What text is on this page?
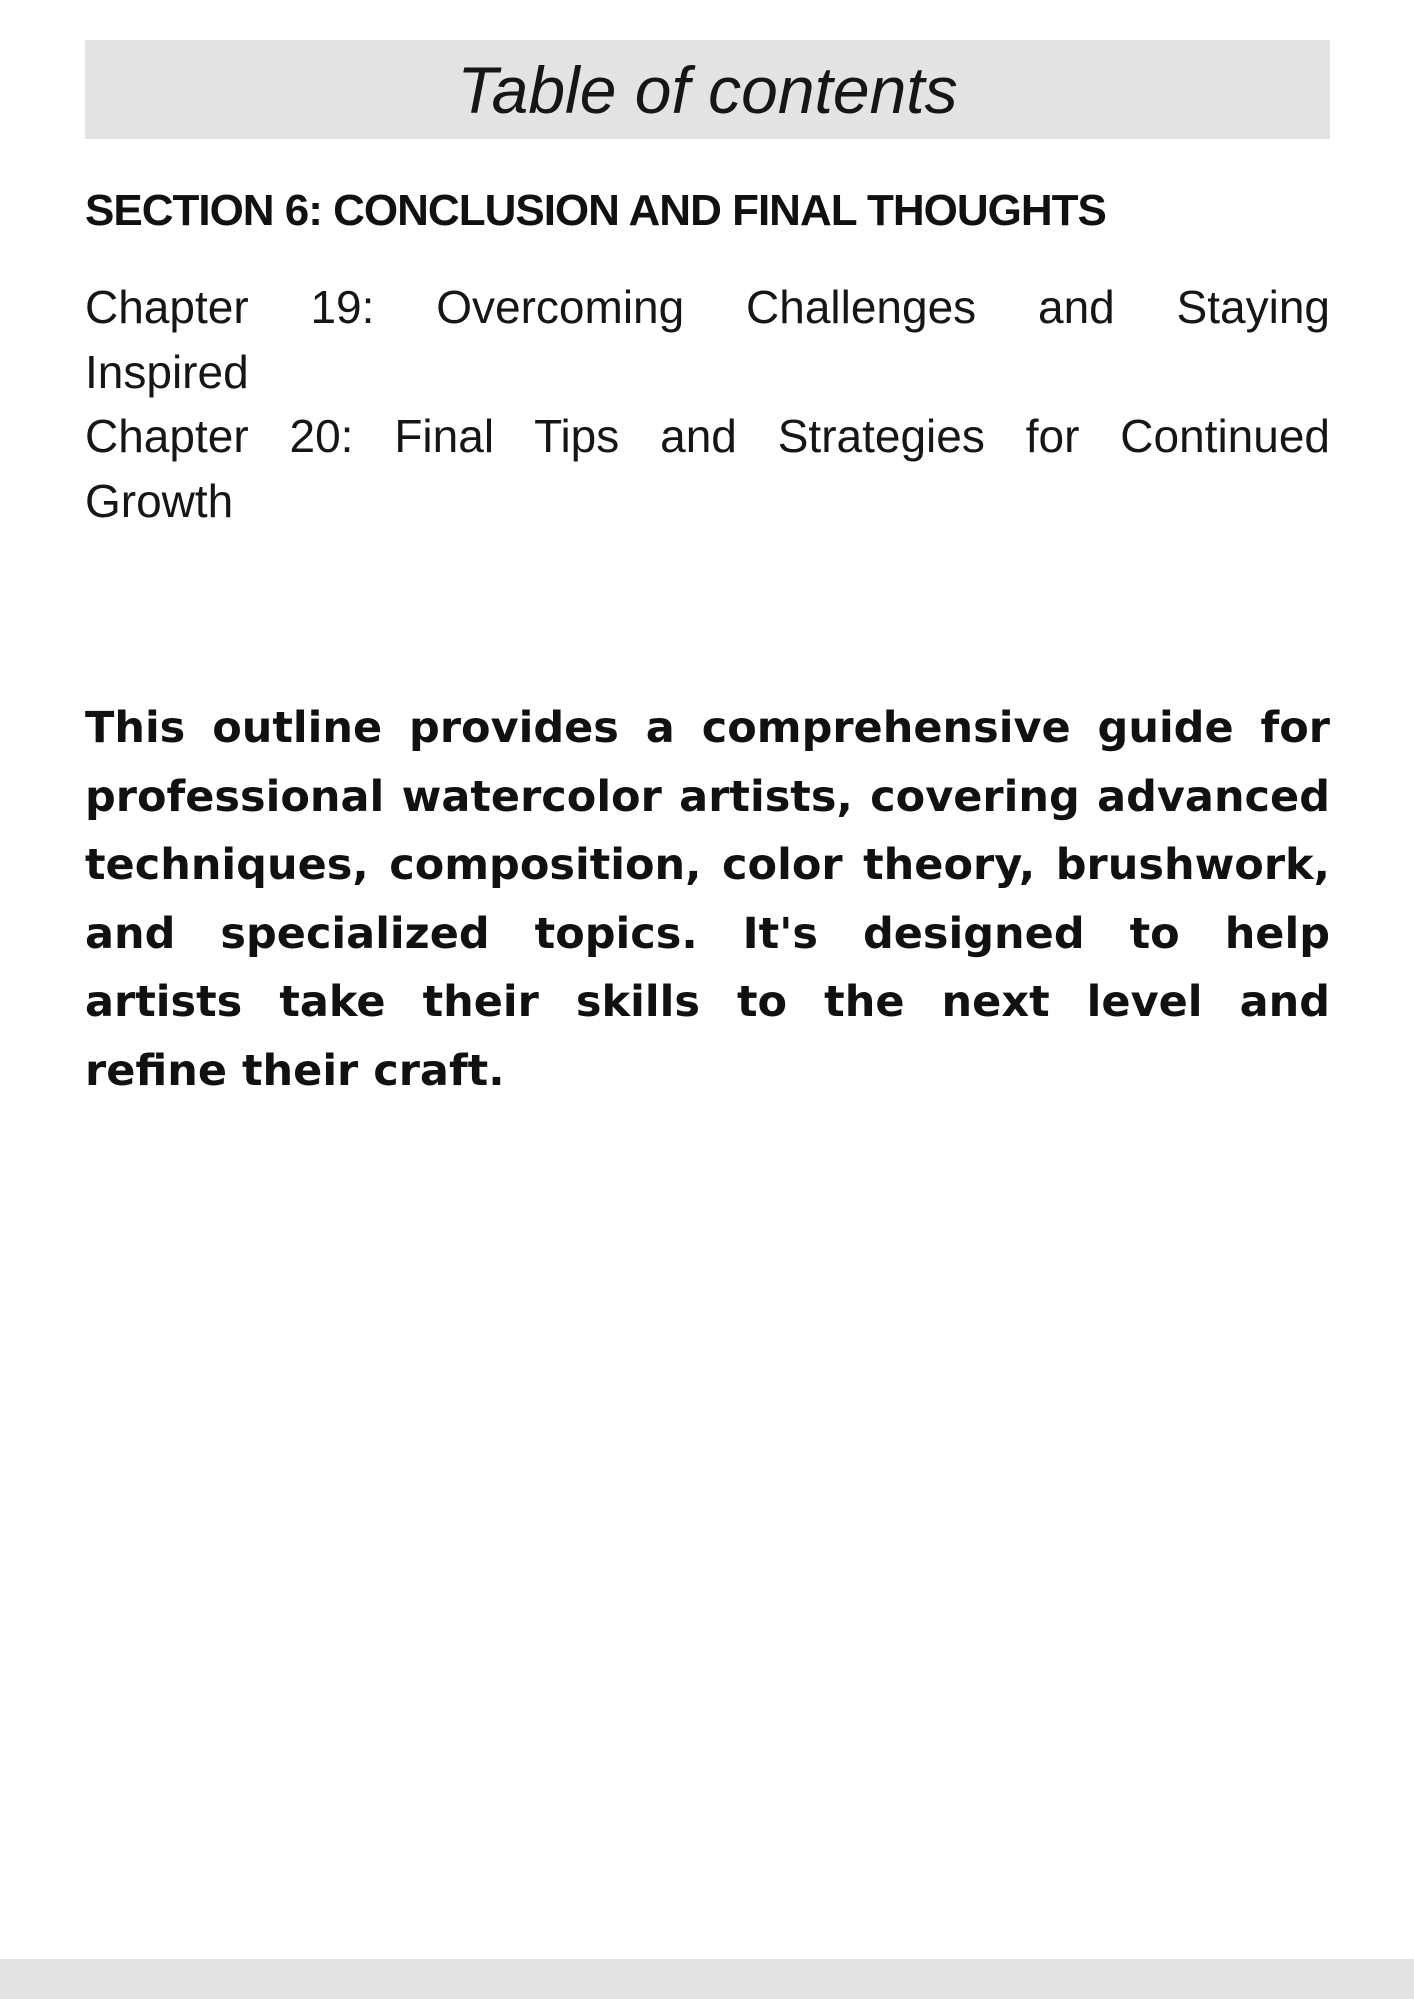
Table of contents
SECTION 6: CONCLUSION AND FINAL THOUGHTS
Chapter 19: Overcoming Challenges and Staying
Inspired
Chapter 20: Final Tips and Strategies for Continued
Growth
This outline provides a comprehensive guide for
professional watercolor artists, covering advanced
techniques, composition, color theory, brushwork,
and specialized topics. It's designed to help
artists take their skills to the next level and
refine their craft.
